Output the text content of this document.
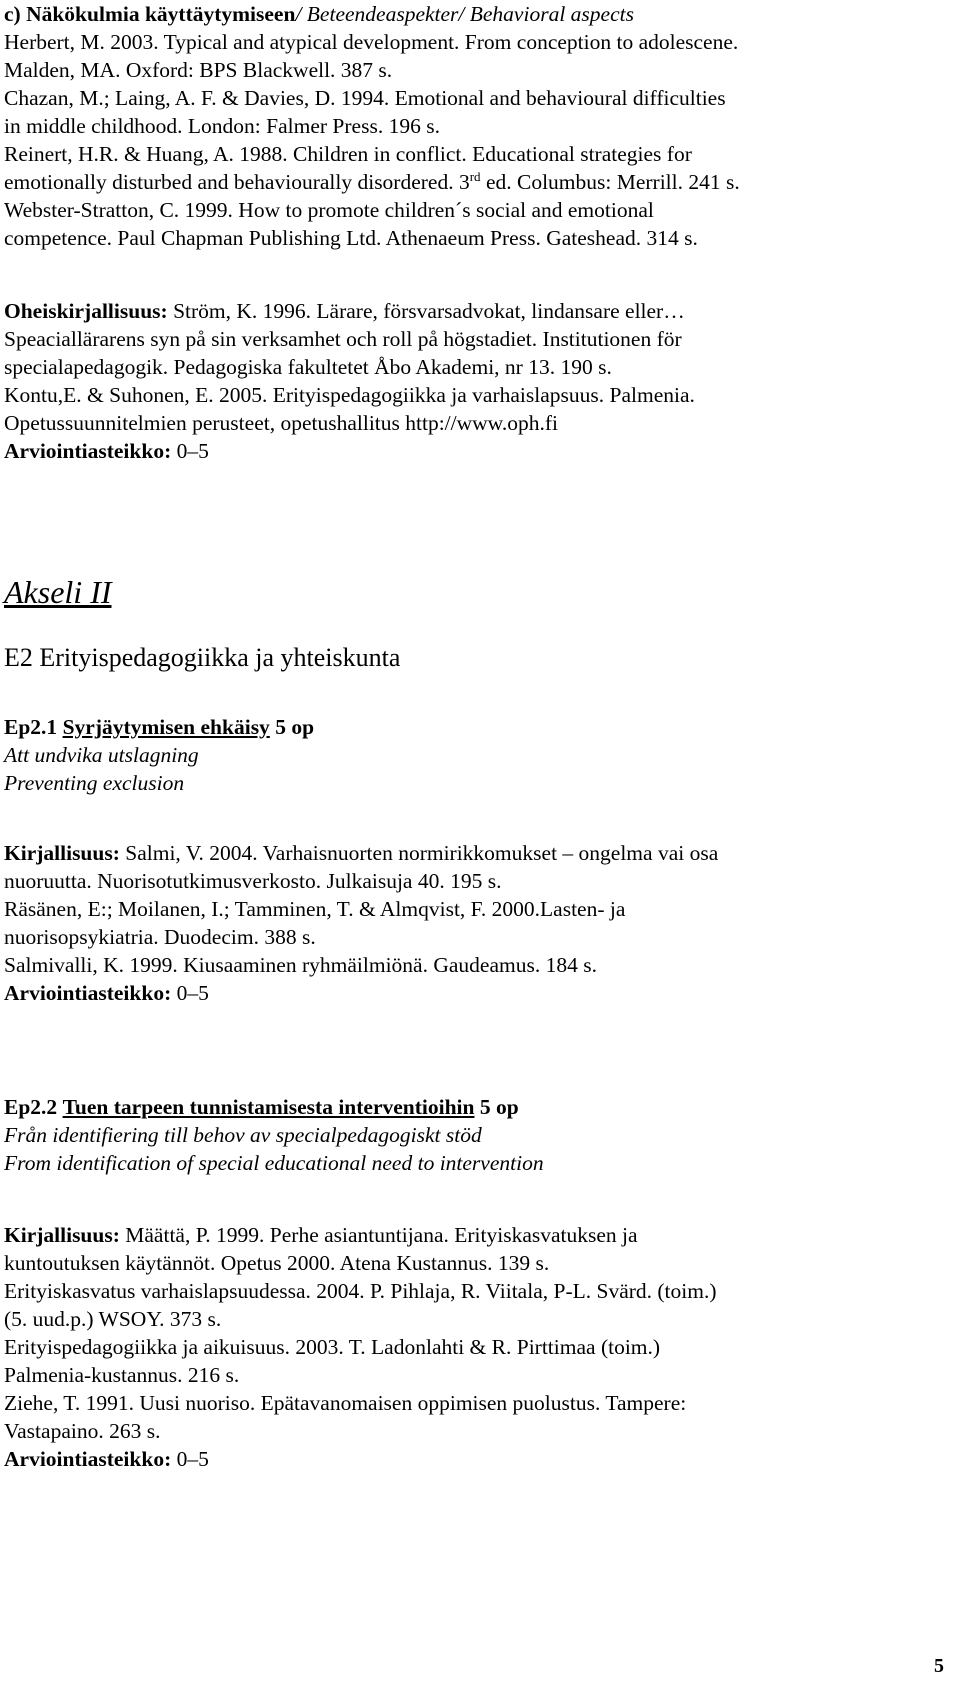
c) Näkökulmia käyttäytymiseen/ Beteendeaspekter/ Behavioral aspects

Herbert, M. 2003. Typical and atypical development. From conception to adolescene.

Malden, MA. Oxford: BPS Blackwell. 387 s.

Chazan, M.; Laing, A. F. & Davies, D. 1994. Emotional and behavioural difficulties

in middle childhood. London: Falmer Press. 196 s.

Reinert, H.R. & Huang, A. 1988. Children in conflict. Educational strategies for

emotionally disturbed and behaviourally disordered. 3rd ed. Columbus: Merrill. 241 s.

Webster-Stratton, C. 1999. How to promote children´s social and emotional

competence. Paul Chapman Publishing Ltd. Athenaeum Press. Gateshead. 314 s.

Oheiskirjallisuus: Ström, K. 1996. Lärare, försvarsadvokat, lindansare eller…

Speaciallärarens syn på sin verksamhet och roll på högstadiet. Institutionen för

specialapedagogik. Pedagogiska fakultetet Åbo Akademi, nr 13. 190 s.

Kontu,E. & Suhonen, E. 2005. Erityispedagogiikka ja varhaislapsuus. Palmenia.

Opetussuunnitelmien perusteet, opetushallitus http://www.oph.fi

Arviointiasteikko: 0–5

Akseli II

E2 Erityispedagogiikka ja yhteiskunta

Ep2.1 Syrjäytymisen ehkäisy 5 op

Att undvika utslagning

Preventing exclusion

Kirjallisuus: Salmi, V. 2004. Varhaisnuorten normirikkomukset – ongelma vai osa

nuoruutta. Nuorisotutkimusverkosto. Julkaisuja 40. 195 s.

Räsänen, E:; Moilanen, I.; Tamminen, T. & Almqvist, F. 2000.Lasten- ja

nuorisopsykiatria. Duodecim. 388 s.

Salmivalli, K. 1999. Kiusaaminen ryhmäilmiönä. Gaudeamus. 184 s.

Arviointiasteikko: 0–5

Ep2.2 Tuen tarpeen tunnistamisesta interventioihin 5 op

Från identifiering till behov av specialpedagogiskt stöd

From identification of special educational need to intervention

Kirjallisuus: Määttä, P. 1999. Perhe asiantuntijana. Erityiskasvatuksen ja

kuntoutuksen käytännöt. Opetus 2000. Atena Kustannus. 139 s.

Erityiskasvatus varhaislapsuudessa. 2004. P. Pihlaja, R. Viitala, P-L. Svärd. (toim.)

(5. uud.p.) WSOY. 373 s.

Erityispedagogiikka ja aikuisuus. 2003. T. Ladonlahti & R. Pirttimaa (toim.)

Palmenia-kustannus. 216 s.

Ziehe, T. 1991. Uusi nuoriso. Epätavanomaisen oppimisen puolustus. Tampere:

Vastapaino. 263 s.

Arviointiasteikko: 0–5

5
